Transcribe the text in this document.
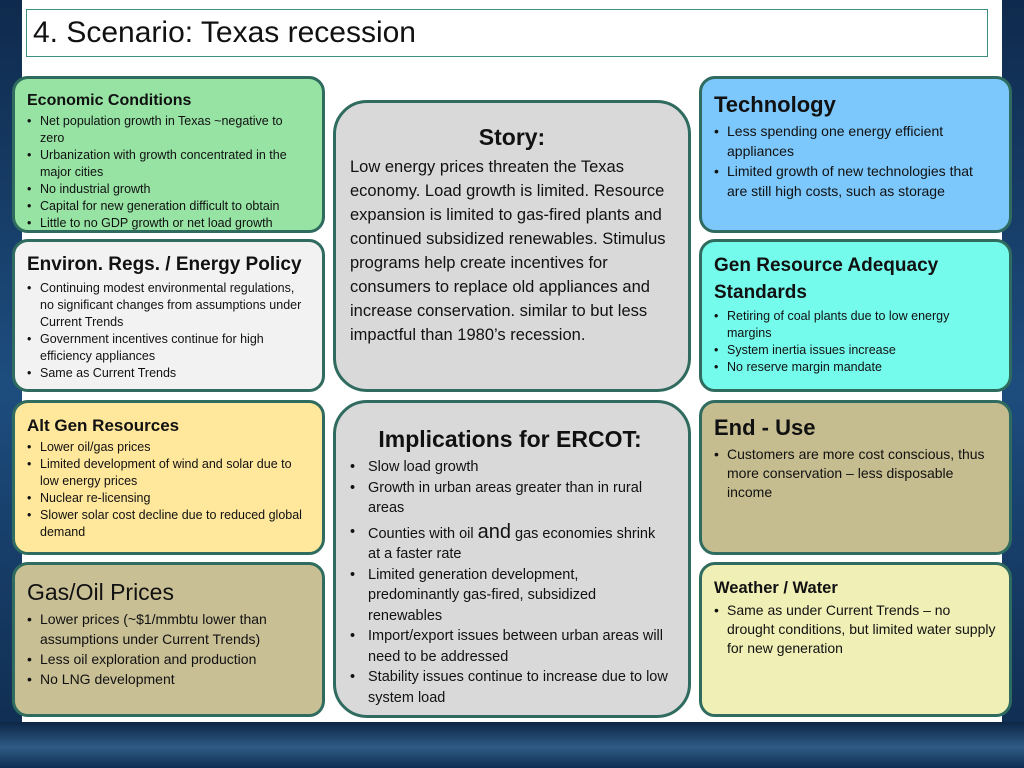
4. Scenario: Texas recession
Economic Conditions
• Net population growth in Texas ~negative to zero
• Urbanization with growth concentrated in the major cities
• No industrial growth
• Capital for new generation difficult to obtain
• Little to no GDP growth or net load growth
Environ. Regs. / Energy Policy
• Continuing modest environmental regulations, no significant changes from assumptions under Current Trends
• Government incentives continue for high efficiency appliances
• Same as Current Trends
Alt Gen Resources
• Lower oil/gas prices
• Limited development of wind and solar due to low energy prices
• Nuclear re-licensing
• Slower solar cost decline due to reduced global demand
Gas/Oil Prices
• Lower prices (~$1/mmbtu lower than assumptions under Current Trends)
• Less oil exploration and production
• No LNG development
Story:
Low energy prices threaten the Texas economy. Load growth is limited. Resource expansion is limited to gas-fired plants and continued subsidized renewables. Stimulus programs help create incentives for consumers to replace old appliances and increase conservation. similar to but less impactful than 1980’s recession.
Implications for ERCOT:
• Slow load growth
• Growth in urban areas greater than in rural areas
• Counties with oil and gas economies shrink at a faster rate
• Limited generation development, predominantly gas-fired, subsidized renewables
• Import/export issues between urban areas will need to be addressed
• Stability issues continue to increase due to low system load
Technology
• Less spending one energy efficient appliances
• Limited growth of new technologies that are still high costs, such as storage
Gen Resource Adequacy Standards
• Retiring of coal plants due to low energy margins
• System inertia issues increase
• No reserve margin mandate
End - Use
• Customers are more cost conscious, thus more conservation – less disposable income
Weather / Water
• Same as under Current Trends – no drought conditions, but limited water supply for new generation
